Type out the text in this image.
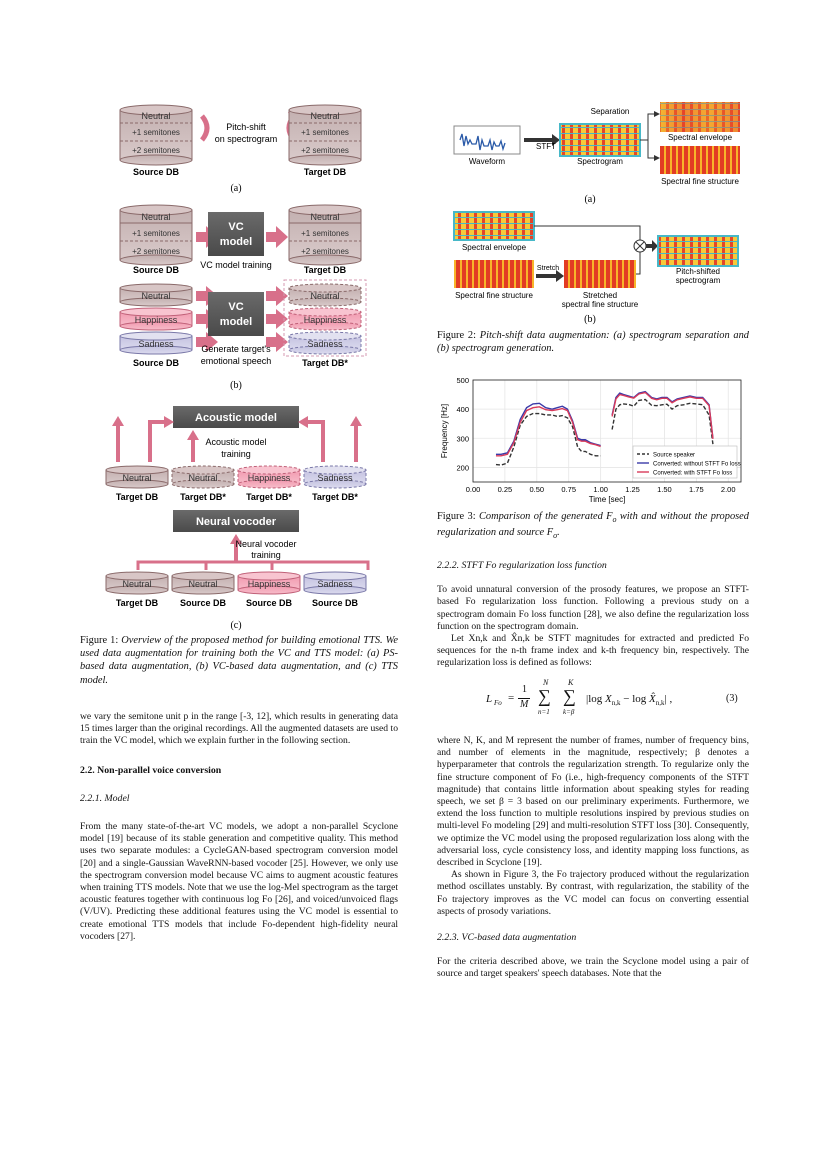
Neutral
+1 semitones
+2 semitones
Source DB
Pitch-shift
on spectrogram
Neutral
+1 semitones
+2 semitones
Target DB
(a)
Neutral
+1 semitones
+2 semitones
Source DB
VC
model
VC model training
Neutral
+1 semitones
+2 semitones
Target DB
Neutral
Happiness
Sadness
Source DB
VC
model
Generate target's
emotional speech
Neutral
Happiness
Sadness
Target DB*
(b)
Acoustic model
Acoustic model
training
Neutral
Target DB
Neutral
Target DB*
Happiness
Target DB*
Sadness
Target DB*
Neural vocoder
Neural vocoder
training
Neutral
Target DB
Neutral
Source DB
Happiness
Source DB
Sadness
Source DB
(c)
Figure 1: Overview of the proposed method for building emotional TTS. We used data augmentation for training both the VC and TTS model: (a) PS-based data augmentation, (b) VC-based data augmentation, and (c) TTS model.

we vary the semitone unit p in the range [-3, 12], which results in generating data 15 times larger than the original recordings. All the augmented datasets are used to train the VC model, which we explain further in the following section.

2.2. Non-parallel voice conversion

2.2.1. Model

From the many state-of-the-art VC models, we adopt a non-parallel Scyclone model [19] because of its stable generation and competitive quality. This method uses two separate modules: a CycleGAN-based spectrogram conversion model [20] and a single-Gaussian WaveRNN-based vocoder [25]. However, we only use the spectrogram conversion model because VC aims to augment acoustic features when training TTS models. Note that we use the log-Mel spectrogram as the target acoustic features together with continuous log Fo [26], and voiced/unvoiced flags (V/UV). Predicting these additional features using the VC model is essential to create emotional TTS models that include Fo-dependent high-fidelity neural vocoders [27].

Separation
Waveform
STFT
Spectrogram
Spectral envelope
Spectral fine structure
(a)
Spectral envelope
Spectral fine structure
Stretch
Stretched
spectral fine structure
Pitch-shifted
spectrogram
(b)
Figure 2: Pitch-shift data augmentation: (a) spectrogram separation and (b) spectrogram generation.
200
300
400
500
0.00 0.25 0.50 0.75 1.00 1.25 1.50 1.75 2.00
Time [sec]
Frequency [Hz]	Source speaker
Converted: without STFT Fo loss
Converted: with STFT Fo loss
Figure 3: Comparison of the generated $F_o$ with and without the proposed regularization and source $F_o$.

2.2.2. STFT Fo regularization loss function

To avoid unnatural conversion of the prosody features, we propose an STFT-based Fo regularization loss function. Following a previous study on a spectrogram domain Fo loss function [28], we also define the regularization loss function on the spectrogram domain.

Let Xn,k and X̂n,k be STFT magnitudes for extracted and predicted Fo sequences for the n-th frame index and k-th frequency bin, respectively. The regularization loss is defined as follows:

L Fo =
1
M
N
∑
n=1
K
∑
k=β
|log $X_{n,k} - \log$ $X̂_{n,k}|$ ,	(3)

where N, K, and M represent the number of frames, number of frequency bins, and number of elements in the magnitude, respectively; β denotes a hyperparameter that controls the regularization strength. To regularize only the fine structure component of Fo (i.e., high-frequency components of the STFT magnitude) that contains little information about speaking styles for reading speech, we set β = 3 based on our preliminary experiments. Furthermore, we extend the loss function to multiple resolutions inspired by previous studies on multi-level Fo modeling [29] and multi-resolution STFT loss [30]. Consequently, we optimize the VC model using the proposed regularization loss along with the adversarial loss, cycle consistency loss, and identity mapping loss functions, as described in Scyclone [19].

As shown in Figure 3, the Fo trajectory produced without the regularization method oscillates unstably. By contrast, with regularization, the stability of the Fo trajectory improves as the VC model can focus on converting essential aspects of prosody variations.

2.2.3. VC-based data augmentation

For the criteria described above, we train the Scyclone model using a pair of source and target speakers' speech databases. Note that the
